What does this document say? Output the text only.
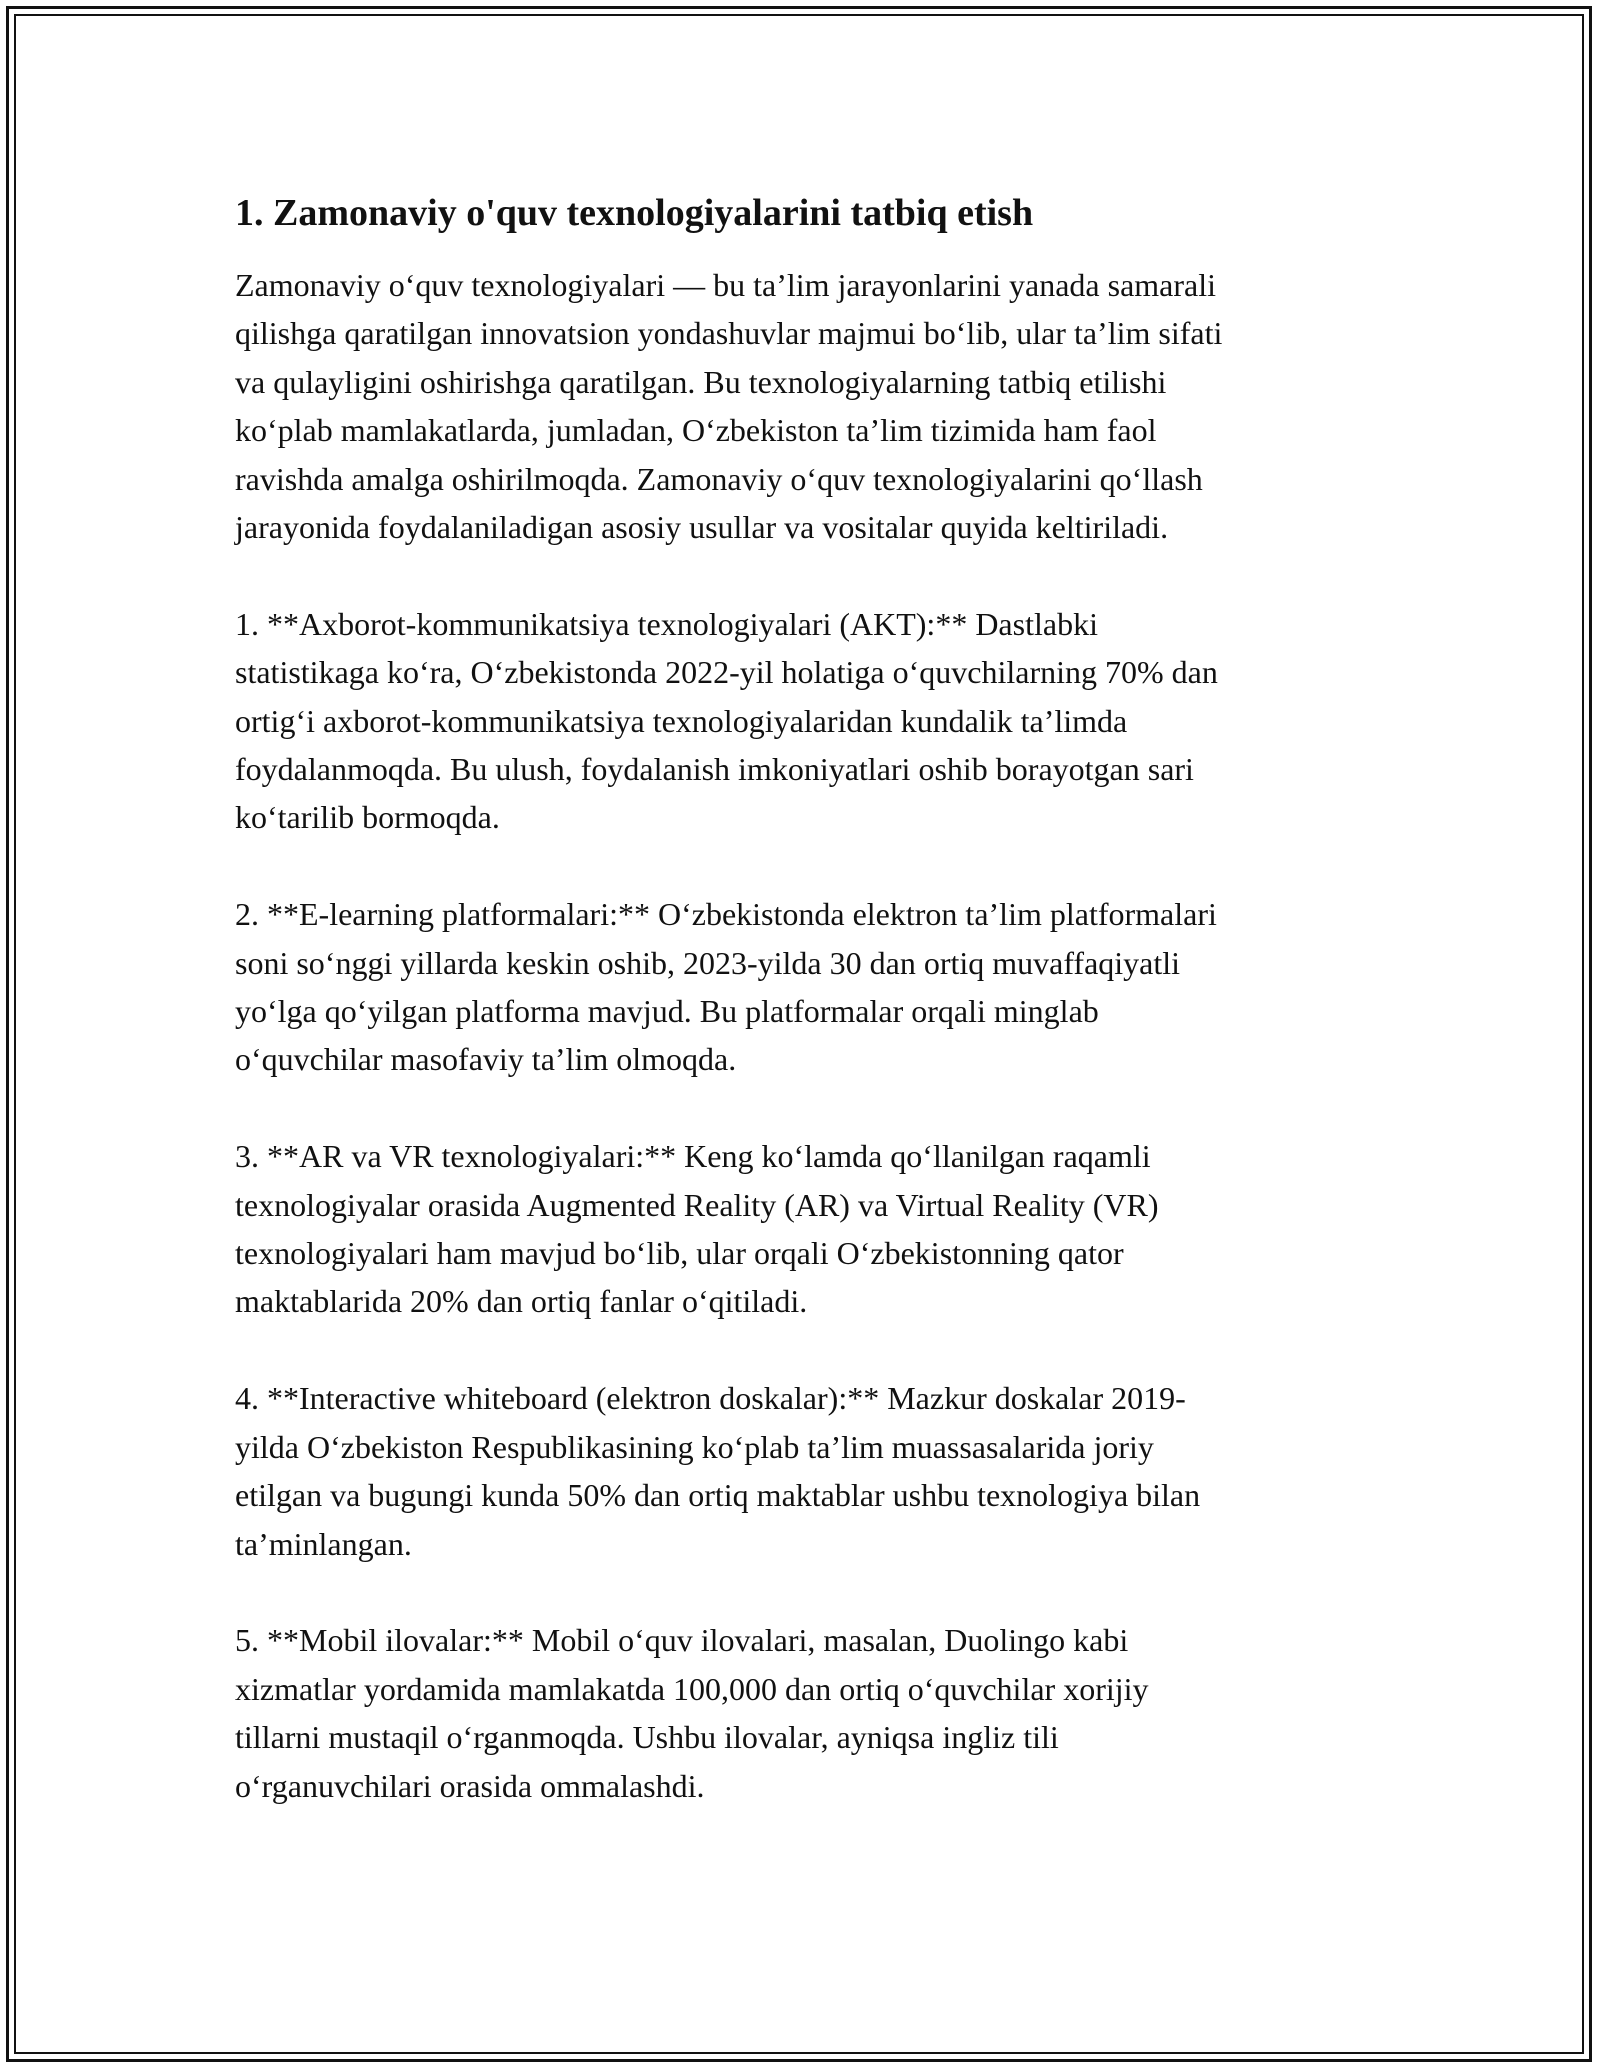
1. Zamonaviy o'quv texnologiyalarini tatbiq etish

Zamonaviy o‘quv texnologiyalari — bu ta’lim jarayonlarini yanada samarali
qilishga qaratilgan innovatsion yondashuvlar majmui bo‘lib, ular ta’lim sifati
va qulayligini oshirishga qaratilgan. Bu texnologiyalarning tatbiq etilishi
ko‘plab mamlakatlarda, jumladan, O‘zbekiston ta’lim tizimida ham faol
ravishda amalga oshirilmoqda. Zamonaviy o‘quv texnologiyalarini qo‘llash
jarayonida foydalaniladigan asosiy usullar va vositalar quyida keltiriladi.

1. **Axborot-kommunikatsiya texnologiyalari (AKT):** Dastlabki
statistikaga ko‘ra, O‘zbekistonda 2022-yil holatiga o‘quvchilarning 70% dan
ortig‘i axborot-kommunikatsiya texnologiyalaridan kundalik ta’limda
foydalanmoqda. Bu ulush, foydalanish imkoniyatlari oshib borayotgan sari
ko‘tarilib bormoqda.

2. **E-learning platformalari:** O‘zbekistonda elektron ta’lim platformalari
soni so‘nggi yillarda keskin oshib, 2023-yilda 30 dan ortiq muvaffaqiyatli
yo‘lga qo‘yilgan platforma mavjud. Bu platformalar orqali minglab
o‘quvchilar masofaviy ta’lim olmoqda.

3. **AR va VR texnologiyalari:** Keng ko‘lamda qo‘llanilgan raqamli
texnologiyalar orasida Augmented Reality (AR) va Virtual Reality (VR)
texnologiyalari ham mavjud bo‘lib, ular orqali O‘zbekistonning qator
maktablarida 20% dan ortiq fanlar o‘qitiladi.

4. **Interactive whiteboard (elektron doskalar):** Mazkur doskalar 2019-
yilda O‘zbekiston Respublikasining ko‘plab ta’lim muassasalarida joriy
etilgan va bugungi kunda 50% dan ortiq maktablar ushbu texnologiya bilan
ta’minlangan.

5. **Mobil ilovalar:** Mobil o‘quv ilovalari, masalan, Duolingo kabi
xizmatlar yordamida mamlakatda 100,000 dan ortiq o‘quvchilar xorijiy
tillarni mustaqil o‘rganmoqda. Ushbu ilovalar, ayniqsa ingliz tili
o‘rganuvchilari orasida ommalashdi.
